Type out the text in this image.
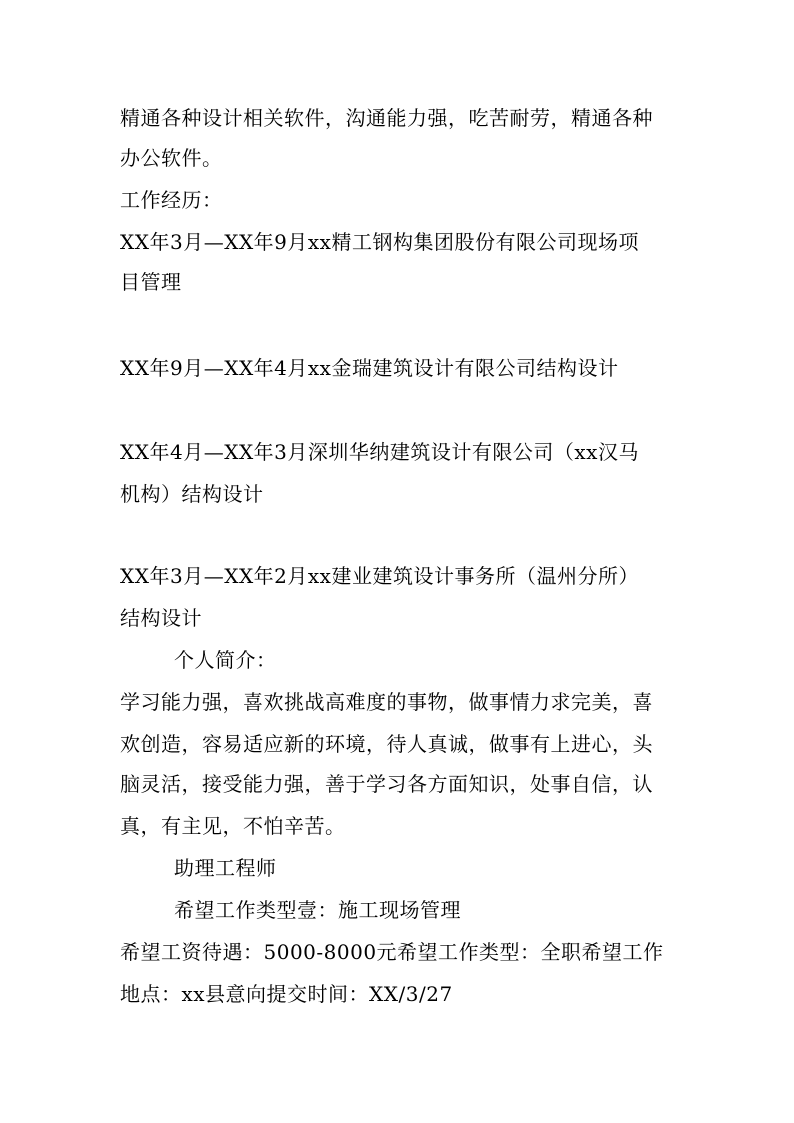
精通各种设计相关软件，沟通能力强，吃苦耐劳，精通各种
办公软件。
工作经历：
XX年3月—XX年9月xx精工钢构集团股份有限公司现场项
目管理
XX年9月—XX年4月xx金瑞建筑设计有限公司结构设计
XX年4月—XX年3月深圳华纳建筑设计有限公司（xx汉马
机构）结构设计
XX年3月—XX年2月xx建业建筑设计事务所（温州分所）
结构设计
个人简介：
学习能力强，喜欢挑战高难度的事物，做事情力求完美，喜
欢创造，容易适应新的环境，待人真诚，做事有上进心，头
脑灵活，接受能力强，善于学习各方面知识，处事自信，认
真，有主见，不怕辛苦。
助理工程师
希望工作类型壹：施工现场管理
希望工资待遇：5000-8000元希望工作类型：全职希望工作
地点：xx县意向提交时间：XX/3/27
